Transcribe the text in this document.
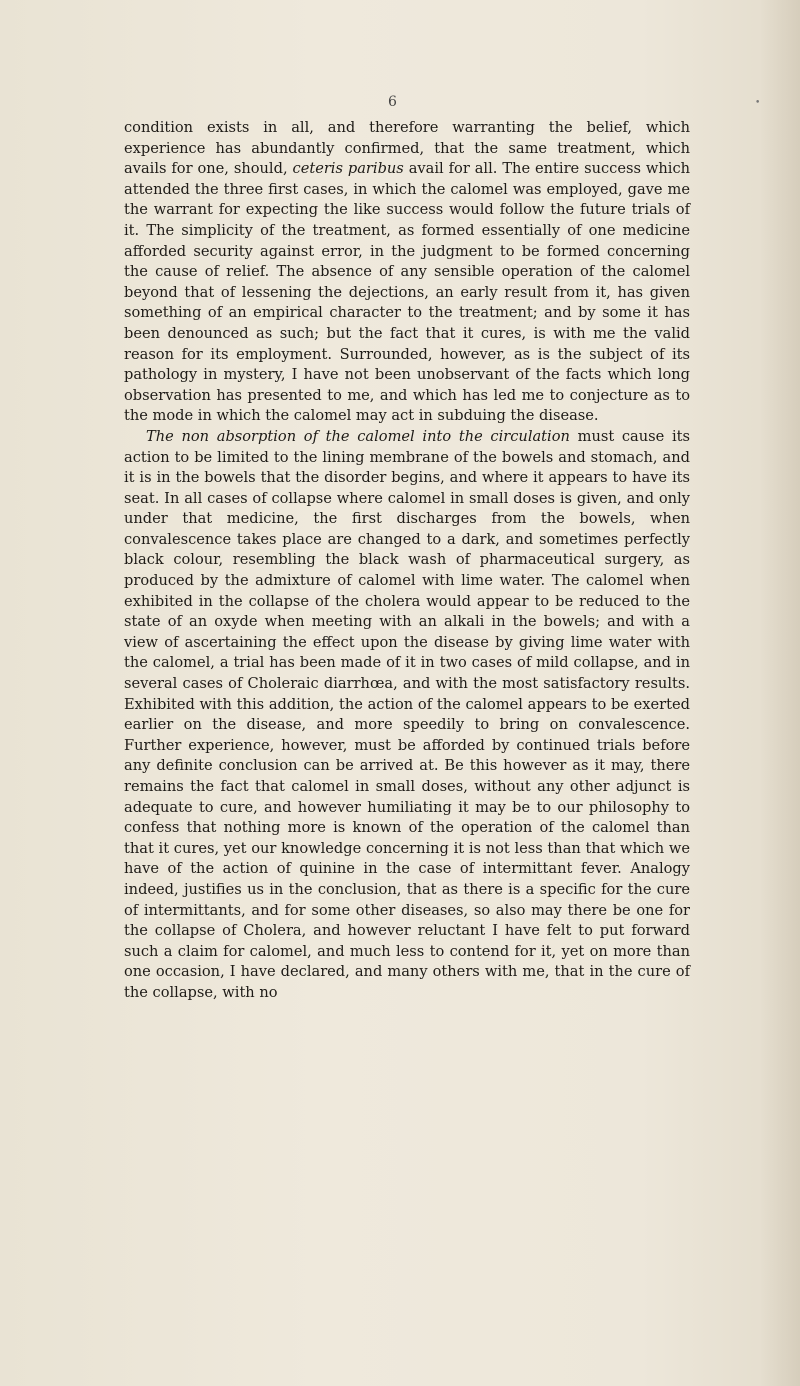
6	•

condition exists in all, and therefore warranting the belief, which experience has abundantly confirmed, that the same treatment, which avails for one, should, ceteris paribus avail for all. The entire success which attended the three first cases, in which the calomel was employed, gave me the warrant for expecting the like success would follow the future trials of it. The simplicity of the treatment, as formed essentially of one medicine afforded security against error, in the judgment to be formed concerning the cause of relief. The absence of any sensible operation of the calomel beyond that of lessening the dejections, an early result from it, has given something of an empirical character to the treatment; and by some it has been denounced as such; but the fact that it cures, is with me the valid reason for its employment. Surrounded, however, as is the subject of its pathology in mystery, I have not been unobservant of the facts which long observation has presented to me, and which has led me to conjecture as to the mode in which the calomel may act in subduing the disease.

The non absorption of the calomel into the circulation must cause its action to be limited to the lining membrane of the bowels and stomach, and it is in the bowels that the disorder begins, and where it appears to have its seat. In all cases of collapse where calomel in small doses is given, and only under that medicine, the first discharges from the bowels, when convalescence takes place are changed to a dark, and sometimes perfectly black colour, resembling the black wash of pharmaceutical surgery, as produced by the admixture of calomel with lime water. The calomel when exhibited in the collapse of the cholera would appear to be reduced to the state of an oxyde when meeting with an alkali in the bowels; and with a view of ascertaining the effect upon the disease by giving lime water with the calomel, a trial has been made of it in two cases of mild collapse, and in several cases of Choleraic diarrhœa, and with the most satisfactory results. Exhibited with this addition, the action of the calomel appears to be exerted earlier on the disease, and more speedily to bring on convalescence. Further experience, however, must be afforded by continued trials before any definite conclusion can be arrived at. Be this however as it may, there remains the fact that calomel in small doses, without any other adjunct is adequate to cure, and however humiliating it may be to our philosophy to confess that nothing more is known of the operation of the calomel than that it cures, yet our knowledge concerning it is not less than that which we have of the action of quinine in the case of intermittant fever. Analogy indeed, justifies us in the conclusion, that as there is a specific for the cure of intermittants, and for some other diseases, so also may there be one for the collapse of Cholera, and however reluctant I have felt to put forward such a claim for calomel, and much less to contend for it, yet on more than one occasion, I have declared, and many others with me, that in the cure of the collapse, with no
